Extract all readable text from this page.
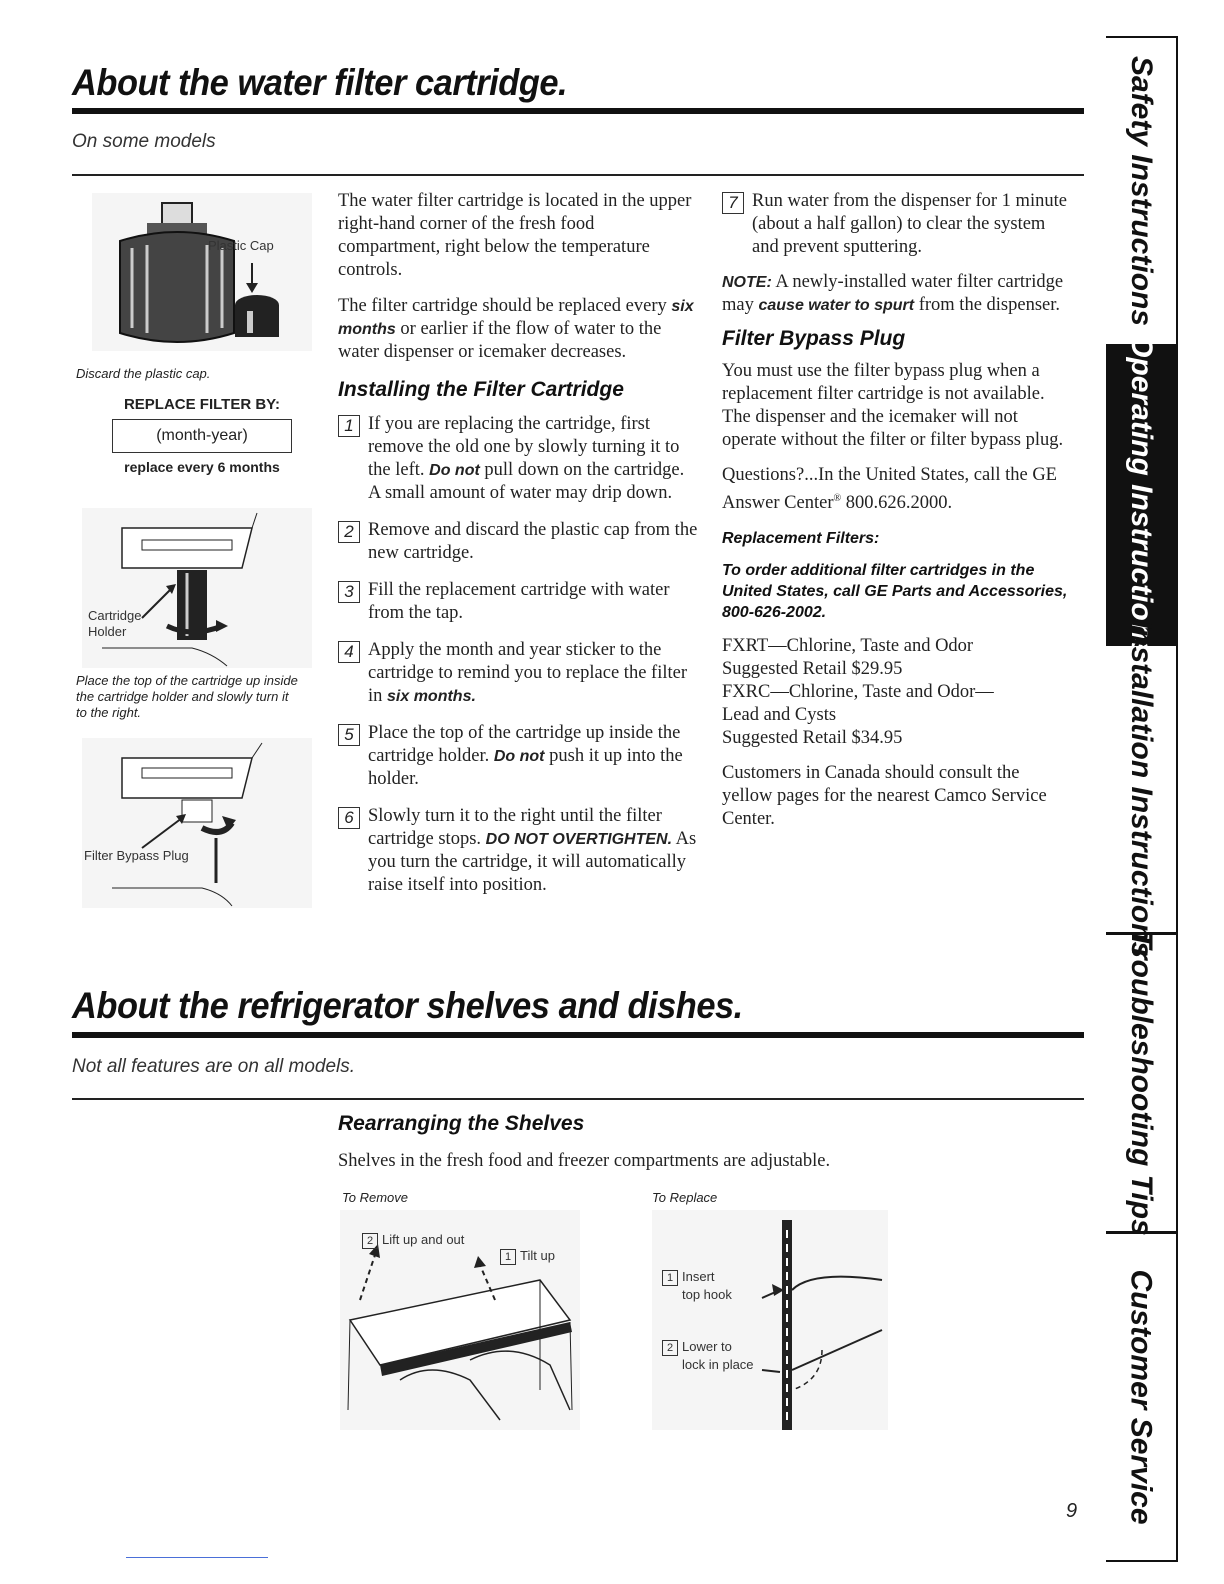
About the water filter cartridge.
On some models
Plastic Cap
Discard the plastic cap.
REPLACE FILTER BY:
(month-year)
replace every 6 months
Cartridge
Holder
Place the top of the cartridge up inside the cartridge holder and slowly turn it to the right.
Filter Bypass Plug

The water filter cartridge is located in the upper right-hand corner of the fresh food compartment, right below the temperature controls.

The filter cartridge should be replaced every six months or earlier if the flow of water to the water dispenser or icemaker decreases.

Installing the Filter Cartridge
1 If you are replacing the cartridge, first remove the old one by slowly turning it to the left. Do not pull down on the cartridge. A small amount of water may drip down.
2 Remove and discard the plastic cap from the new cartridge.
3 Fill the replacement cartridge with water from the tap.
4 Apply the month and year sticker to the cartridge to remind you to replace the filter in six months.
5 Place the top of the cartridge up inside the cartridge holder. Do not push it up into the holder.
6 Slowly turn it to the right until the filter cartridge stops. DO NOT OVERTIGHTEN. As you turn the cartridge, it will automatically raise itself into position.
7 Run water from the dispenser for 1 minute (about a half gallon) to clear the system and prevent sputtering.

NOTE: A newly-installed water filter cartridge may cause water to spurt from the dispenser.

Filter Bypass Plug

You must use the filter bypass plug when a replacement filter cartridge is not available. The dispenser and the icemaker will not operate without the filter or filter bypass plug.

Questions?...In the United States, call the GE Answer Center® 800.626.2000.

Replacement Filters:

To order additional filter cartridges in the United States, call GE Parts and Accessories, 800-626-2002.

FXRT—Chlorine, Taste and Odor

Suggested Retail $29.95

FXRC—Chlorine, Taste and Odor—

Lead and Cysts

Suggested Retail $34.95

Customers in Canada should consult the yellow pages for the nearest Camco Service Center.

About the refrigerator shelves and dishes.
Not all features are on all models.
Rearranging the Shelves
Shelves in the fresh food and freezer compartments are adjustable.
To Remove	To Replace
2 Lift up and out
1 Tilt up
1 Insert
top hook
2 Lower to
lock in place
9
Safety Instructions
Operating Instructions
Installation Instructions
Troubleshooting Tips
Customer Service
